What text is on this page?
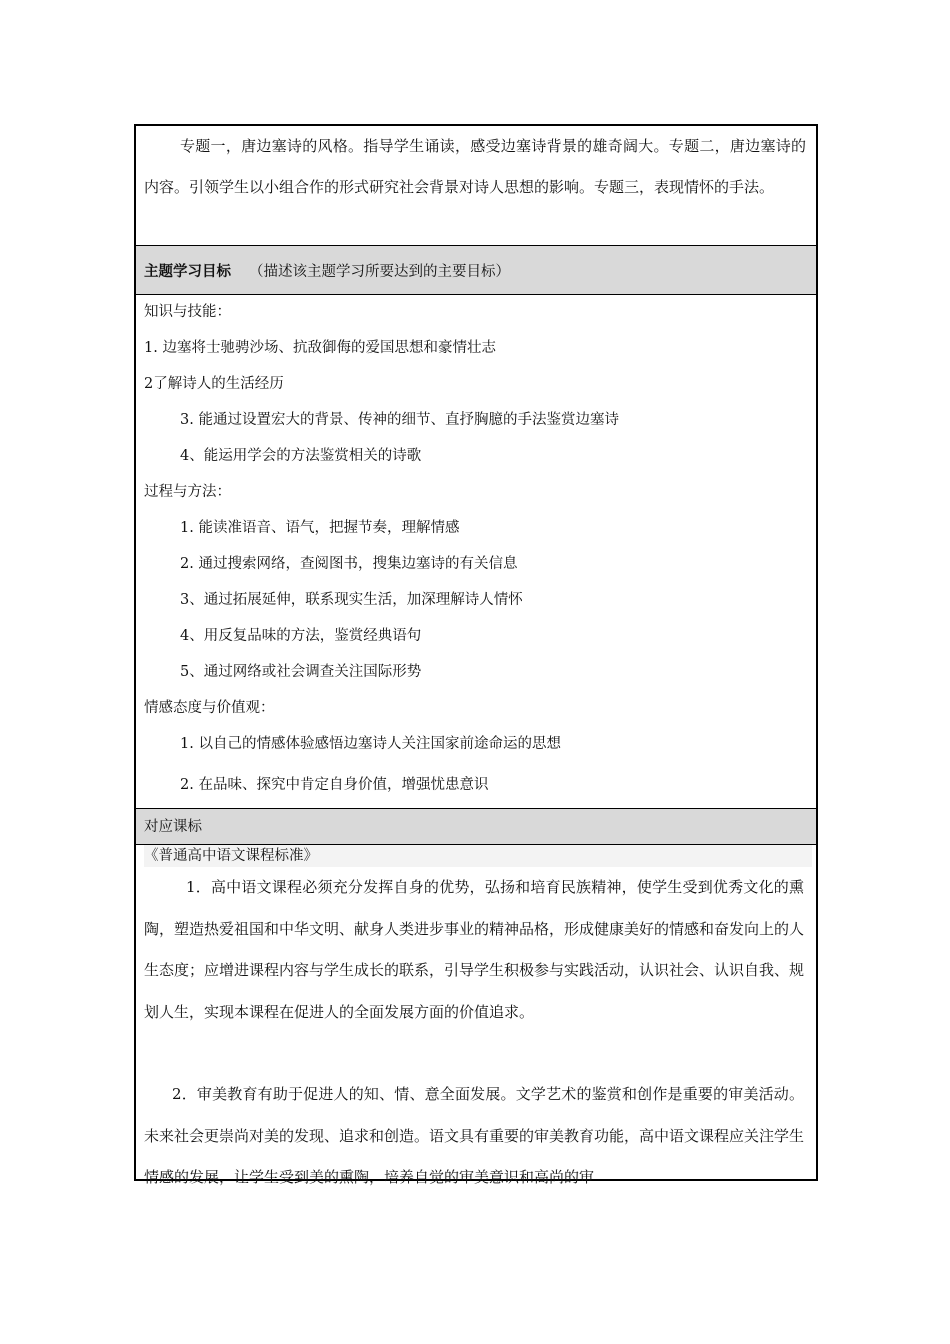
专题一，唐边塞诗的风格。指导学生诵读，感受边塞诗背景的雄奇阔大。专题二，唐边塞诗的内容。引领学生以小组合作的形式研究社会背景对诗人思想的影响。专题三，表现情怀的手法。

主题学习目标 （描述该主题学习所要达到的主要目标）
知识与技能：
1. 边塞将士驰骋沙场、抗敌御侮的爱国思想和豪情壮志
2了解诗人的生活经历
3. 能通过设置宏大的背景、传神的细节、直抒胸臆的手法鉴赏边塞诗
4、能运用学会的方法鉴赏相关的诗歌
过程与方法：
1. 能读准语音、语气，把握节奏，理解情感
2. 通过搜索网络，查阅图书，搜集边塞诗的有关信息
3、通过拓展延伸，联系现实生活，加深理解诗人情怀
4、用反复品味的方法，鉴赏经典语句
5、通过网络或社会调查关注国际形势
情感态度与价值观：
1. 以自己的情感体验感悟边塞诗人关注国家前途命运的思想
2. 在品味、探究中肯定自身价值，增强忧患意识
对应课标
《普通高中语文课程标准》
1．高中语文课程必须充分发挥自身的优势，弘扬和培育民族精神，使学生受到优秀文化的熏陶，塑造热爱祖国和中华文明、献身人类进步事业的精神品格，形成健康美好的情感和奋发向上的人生态度；应增进课程内容与学生成长的联系，引导学生积极参与实践活动，认识社会、认识自我、规划人生，实现本课程在促进人的全面发展方面的价值追求。
2．审美教育有助于促进人的知、情、意全面发展。文学艺术的鉴赏和创作是重要的审美活动。未来社会更崇尚对美的发现、追求和创造。语文具有重要的审美教育功能，高中语文课程应关注学生情感的发展，让学生受到美的熏陶，培养自觉的审美意识和高尚的审
